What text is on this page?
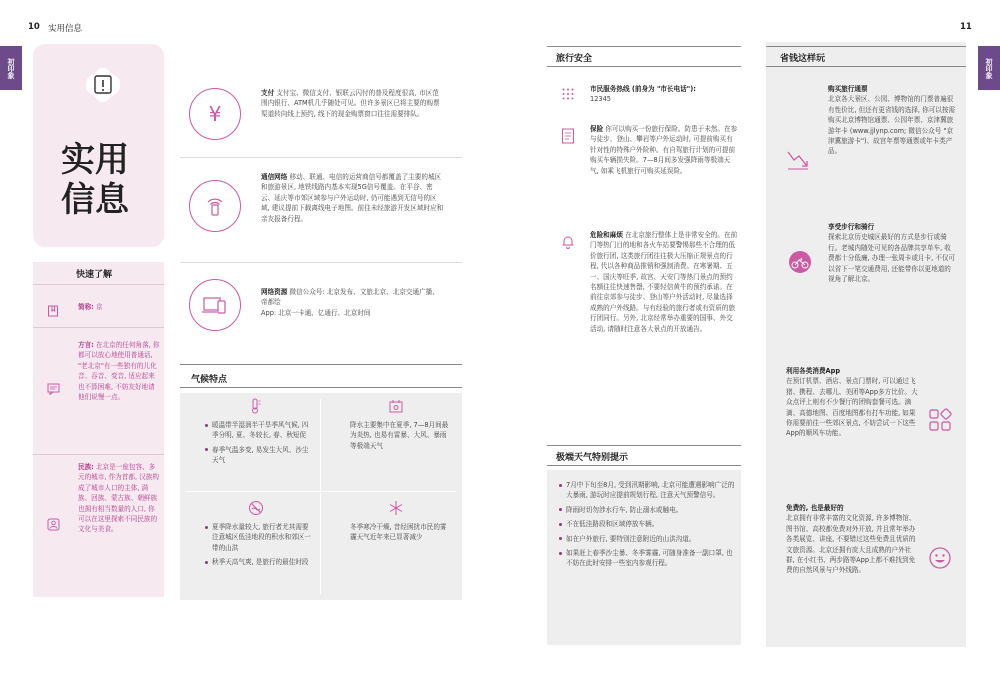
10 实用信息
初印象
实用
信息
快速了解
简称: 京
方言: 在北京的任何角落, 你都可以放心地使用普通话, "老北京"有一些独有的儿化音、吞音、变音, 适应起来也不算困难, 不妨友好地请他们说慢一点。
民族: 北京是一座包容、多元的城市, 作为首都, 汉族构成了城市人口的主体, 满族、回族、蒙古族、朝鲜族也拥有相当数量的人口, 你可以在这里探索不同民族的文化与美食。
¥
支付 支付宝、微信支付、银联云闪付的普及程度很高, 市区范围内银行、ATM机几乎随处可见。但许多景区已将主要的购票渠道转向线上预约, 线下的现金购票窗口往往需要排队。
通信网络 移动、联通、电信的运营商信号都覆盖了主要的城区和旅游景区, 地铁线路内基本实现5G信号覆盖。在平谷、密云、延庆等市郊区域参与户外运动时, 仍可能遇到无信号的区域, 建议提前下载离线电子地图。前往未经旅游开发区域时应和亲友报备行程。
网络资源 微信公众号: 北京发布、文旅北京、北京交通广播、帝都绘
App: 北京一卡通、亿通行、北京时间
气候特点
暖温带半湿润半干旱季风气候, 四季分明, 夏、冬较长, 春、秋短促
春季气温多变, 易发生大风、沙尘天气
降水主要集中在夏季, 7—8月间最为炎热, 也易有雷暴、大风、暴雨等极端天气
夏季降水量较大, 旅行者尤其需要注意城区低洼地段的积水和郊区一带的山洪
秋季天高气爽, 是旅行的最佳时段
冬季寒冷干燥, 昔经困扰市民的雾霾天气近年来已显著减少
11
初印象
旅行安全
市民服务热线 (前身为 "市长电话"):
12345
保险 你可以购买一份旅行保险。防患于未然。在参与徒步、登山、攀岩等户外运动时, 可提前购买有针对性的特殊户外险种。有自驾旅行计划的可提前购买车辆损失险。7—8月间多发强降雨等极端天气, 如乘飞机旅行可购买延误险。
危险和麻烦 在北京旅行整体上是非常安全的。在前门等热门目的地和各火车站要警惕那些不合理的低价旅行团, 这类旅行团往往极大压缩正规景点的行程, 代以各种商品推销和强制消费。在寒暑期、五一、国庆等旺季, 故宫、天安门等热门景点的预约名额往往快速售罄, 不要轻信黄牛的预约承诺。在前往京郊参与徒步、登山等户外活动时, 尽量选择成熟的户外线路。与有经验的旅行者或有资质的旅行团同行。另外, 北京经常举办重要的国事、外交活动, 请随时注意各大景点的开放通告。
极端天气特别提示
7月中下旬至8月, 受到汛期影响, 北京可能遭遇影响广泛的大暴雨, 游玩时应提前规划行程, 注意天气预警信号。
降雨时切勿涉水行车, 防止溺水或触电。
不在低洼路段和区域停放车辆。
如在户外旅行, 要特别注意附近的山洪沟道。
如果赶上春季沙尘暴、冬季雾霾, 可随身准备一副口罩, 也不妨在此时安排一些室内参观行程。
省钱这样玩
购买旅行通票
北京各大景区、公园、博物馆的门票普遍很有性价比, 但还有更省钱的选择, 你可以按需购买北京博物馆通票、公园年票、京津冀旅游年卡 (www.jjlynp.com; 微信公众号 "京津冀旅游卡")、故宫年票等通票或年卡类产品。
享受步行和骑行
探索北京历史城区最好的方式是步行或骑行。老城内随处可见的各品牌共享单车, 收费都十分低廉, 办理一张周卡或月卡, 不仅可以省下一笔交通费用, 还能带你以更地道的视角了解北京。
利用各类消费App
在预订机票、酒店、景点门票时, 可以通过飞猪、携程、去哪儿、美团等App多方比价。大众点评上则有不少餐厅的团购套餐可选。滴滴、高德地图、百度地图都有打车功能, 如果你需要前往一些郊区景点, 不妨尝试一下这些App的顺风车功能。
免费的, 也是最好的
北京拥有非常丰富的文化资源, 许多博物馆、图书馆、高校都免费对外开放, 并且常年举办各类展览、讲座, 不要错过这些免费且优质的文旅资源。北京还拥有庞大且成熟的户外社群, 在小红书、两步路等App上都不难找到免费的自然风景与户外线路。
